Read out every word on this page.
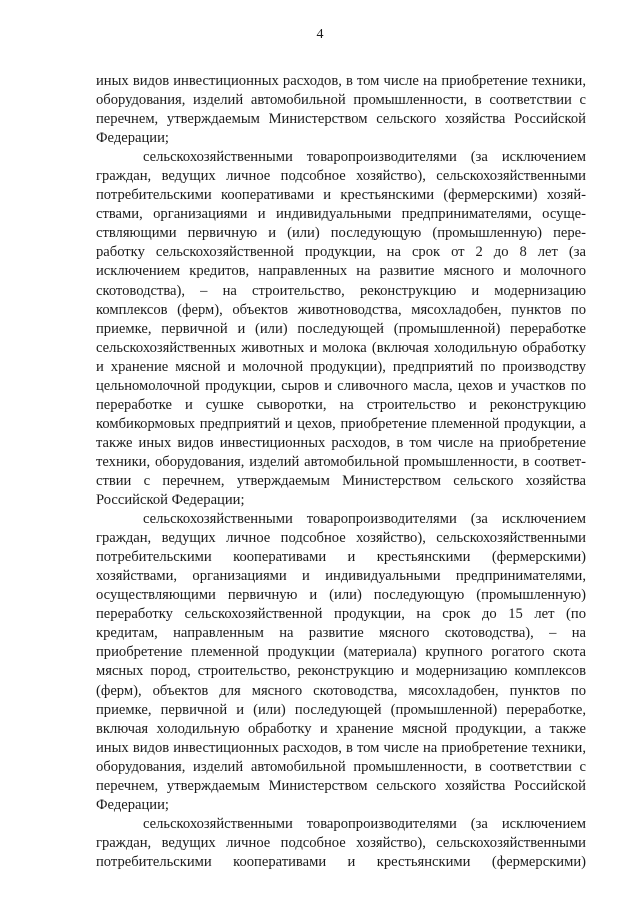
4
иных видов инвестиционных расходов, в том числе на приобретение техники,
оборудования, изделий автомобильной промышленности, в соответствии с
перечнем, утверждаемым Министерством сельского хозяйства Российской
Федерации;
сельскохозяйственными товаропроизводителями (за исключением
граждан, ведущих личное подсобное хозяйство), сельскохозяйственными
потребительскими кооперативами и крестьянскими (фермерскими) хозяй-
ствами, организациями и индивидуальными предпринимателями, осуще-
ствляющими первичную и (или) последующую (промышленную) пере-
работку сельскохозяйственной продукции, на срок от 2 до 8 лет (за
исключением кредитов, направленных на развитие мясного и молочного
скотоводства), – на строительство, реконструкцию и модернизацию
комплексов (ферм), объектов животноводства, мясохладобен, пунктов по
приемке, первичной и (или) последующей (промышленной) переработке
сельскохозяйственных животных и молока (включая холодильную обработку
и хранение мясной и молочной продукции), предприятий по производству
цельномолочной продукции, сыров и сливочного масла, цехов и участков по
переработке и сушке сыворотки, на строительство и реконструкцию
комбикормовых предприятий и цехов, приобретение племенной продукции, а
также иных видов инвестиционных расходов, в том числе на приобретение
техники, оборудования, изделий автомобильной промышленности, в соответ-
ствии с перечнем, утверждаемым Министерством сельского хозяйства
Российской Федерации;
сельскохозяйственными товаропроизводителями (за исключением
граждан, ведущих личное подсобное хозяйство), сельскохозяйственными
потребительскими кооперативами и крестьянскими (фермерскими)
хозяйствами, организациями и индивидуальными предпринимателями,
осуществляющими первичную и (или) последующую (промышленную)
переработку сельскохозяйственной продукции, на срок до 15 лет (по
кредитам, направленным на развитие мясного скотоводства), – на
приобретение племенной продукции (материала) крупного рогатого скота
мясных пород, строительство, реконструкцию и модернизацию комплексов
(ферм), объектов для мясного скотоводства, мясохладобен, пунктов по
приемке, первичной и (или) последующей (промышленной) переработке,
включая холодильную обработку и хранение мясной продукции, а также
иных видов инвестиционных расходов, в том числе на приобретение техники,
оборудования, изделий автомобильной промышленности, в соответствии с
перечнем, утверждаемым Министерством сельского хозяйства Российской
Федерации;
сельскохозяйственными товаропроизводителями (за исключением
граждан, ведущих личное подсобное хозяйство), сельскохозяйственными
потребительскими кооперативами и крестьянскими (фермерскими)
